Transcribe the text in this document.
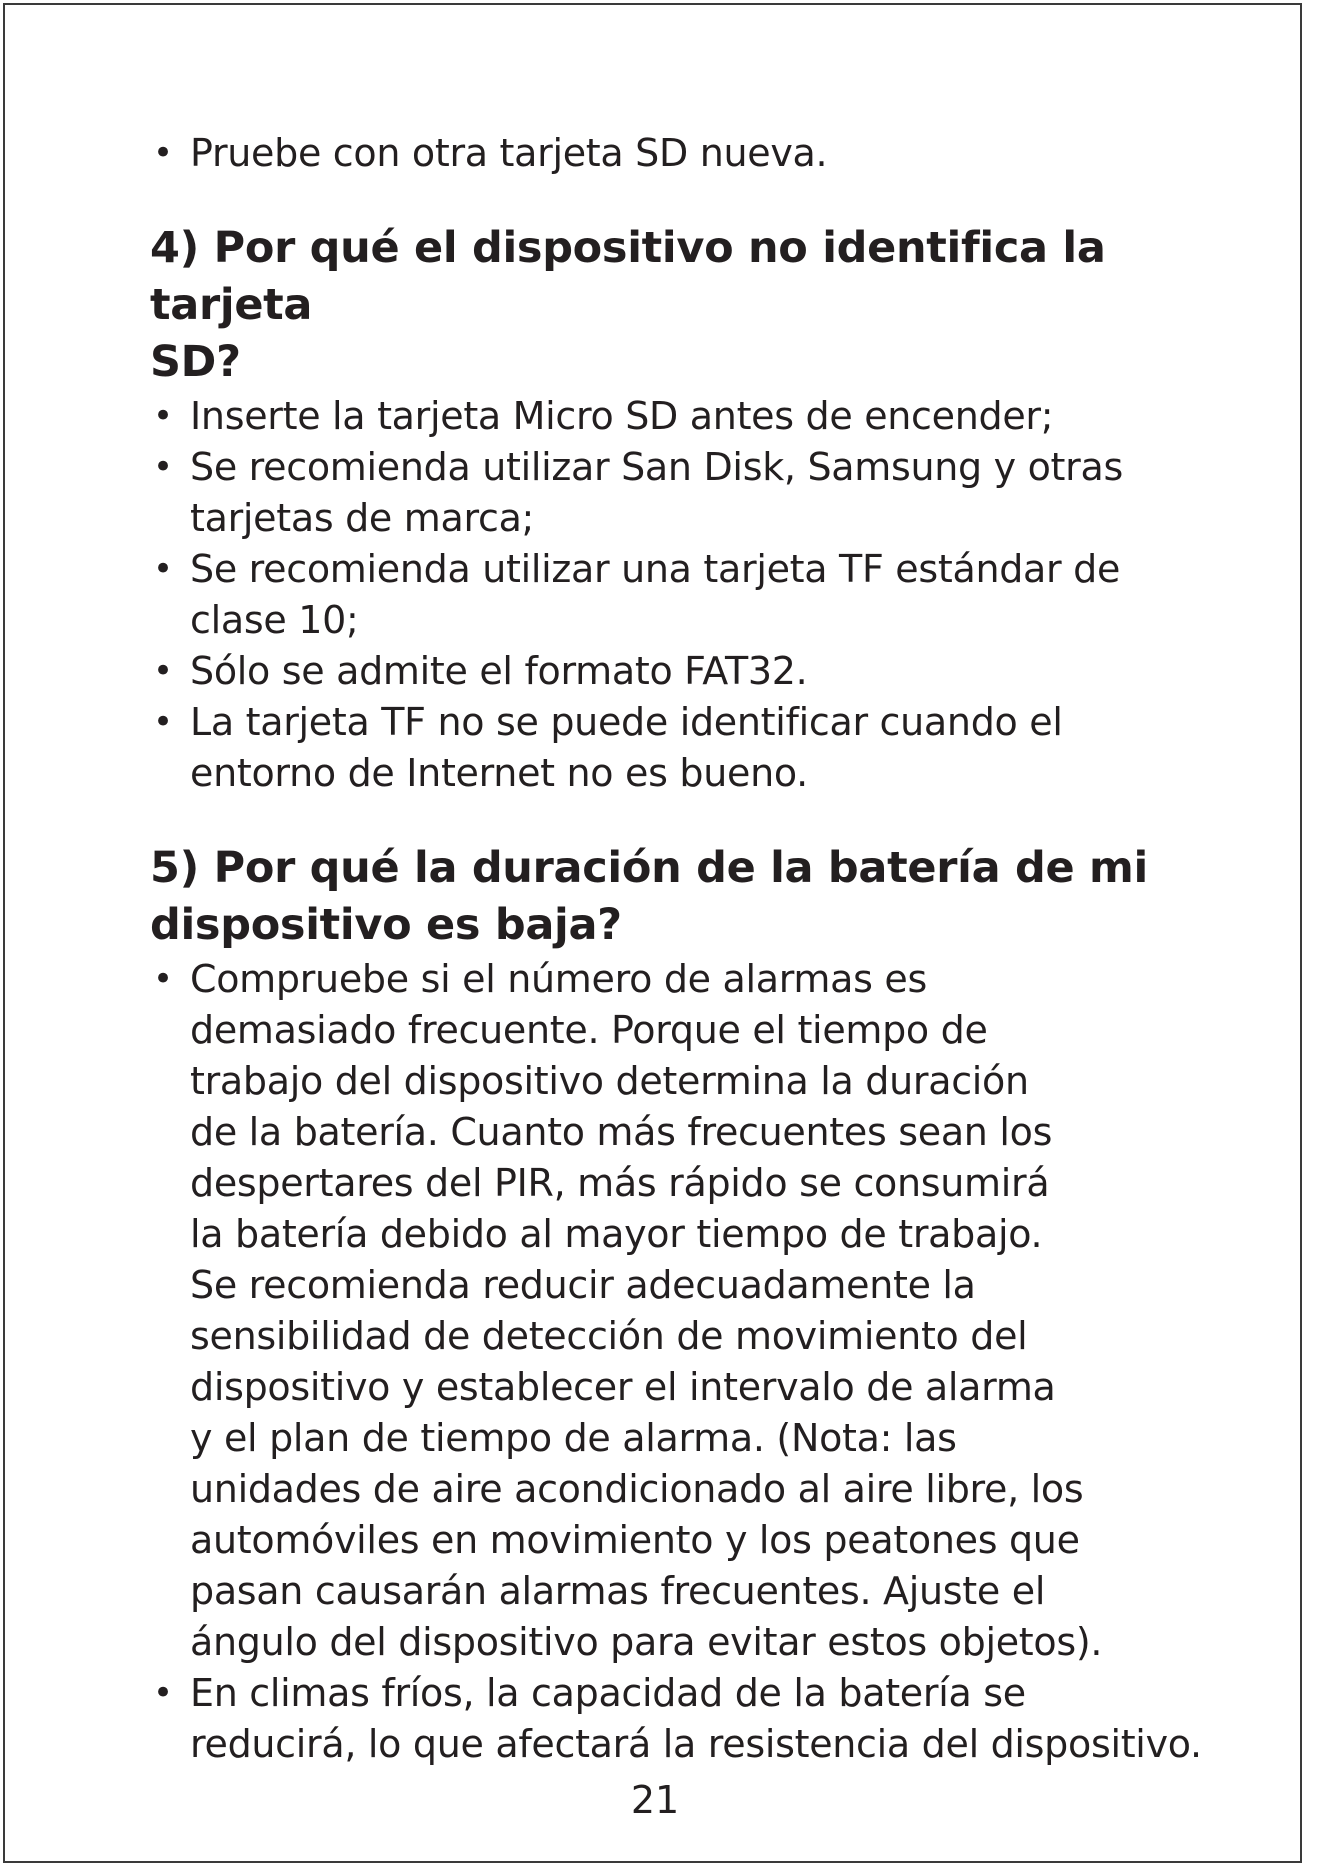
• Pruebe con otra tarjeta SD nueva.
4) Por qué el dispositivo no identifica la tarjeta
SD?
• Inserte la tarjeta Micro SD antes de encender;
• Se recomienda utilizar San Disk, Samsung y otras
tarjetas de marca;
• Se recomienda utilizar una tarjeta TF estándar de
clase 10;
• Sólo se admite el formato FAT32.
• La tarjeta TF no se puede identificar cuando el
entorno de Internet no es bueno.
5) Por qué la duración de la batería de mi
dispositivo es baja?
• Compruebe si el número de alarmas es
demasiado frecuente. Porque el tiempo de
trabajo del dispositivo determina la duración
de la batería. Cuanto más frecuentes sean los
despertares del PIR, más rápido se consumirá
la batería debido al mayor tiempo de trabajo.
Se recomienda reducir adecuadamente la
sensibilidad de detección de movimiento del
dispositivo y establecer el intervalo de alarma
y el plan de tiempo de alarma. (Nota: las
unidades de aire acondicionado al aire libre, los
automóviles en movimiento y los peatones que
pasan causarán alarmas frecuentes. Ajuste el
ángulo del dispositivo para evitar estos objetos).
• En climas fríos, la capacidad de la batería se
reducirá, lo que afectará la resistencia del dispositivo.
21
